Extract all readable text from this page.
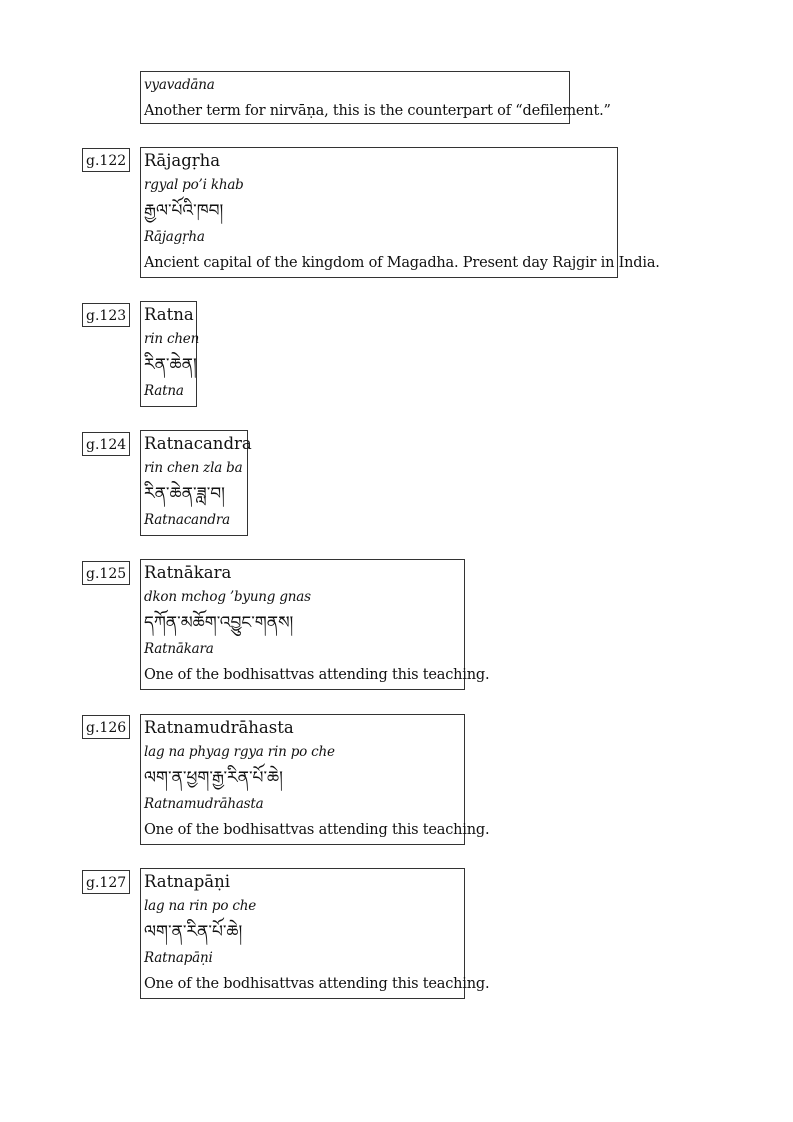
vyavadāna
Another term for nirvāṇa, this is the counterpart of “defilement.”
g.122 Rājagṛha
rgyal po’i khab
རྒྱལ་པོའི་ཁབ།
Rājagṛha
Ancient capital of the kingdom of Magadha. Present day Rajgir in India.
g.123 Ratna
rin chen
རིན་ཆེན།
Ratna
g.124 Ratnacandra
rin chen zla ba
རིན་ཆེན་ཟླ་བ།
Ratnacandra
g.125 Ratnākara
dkon mchog ’byung gnas
དཀོན་མཆོག་འབྱུང་གནས།
Ratnākara
One of the bodhisattvas attending this teaching.
g.126 Ratnamudrāhasta
lag na phyag rgya rin po che
ལག་ན་ཕྱག་རྒྱ་རིན་པོ་ཆེ།
Ratnamudrāhasta
One of the bodhisattvas attending this teaching.
g.127 Ratnapāṇi
lag na rin po che
ལག་ན་རིན་པོ་ཆེ།
Ratnapāṇi
One of the bodhisattvas attending this teaching.
